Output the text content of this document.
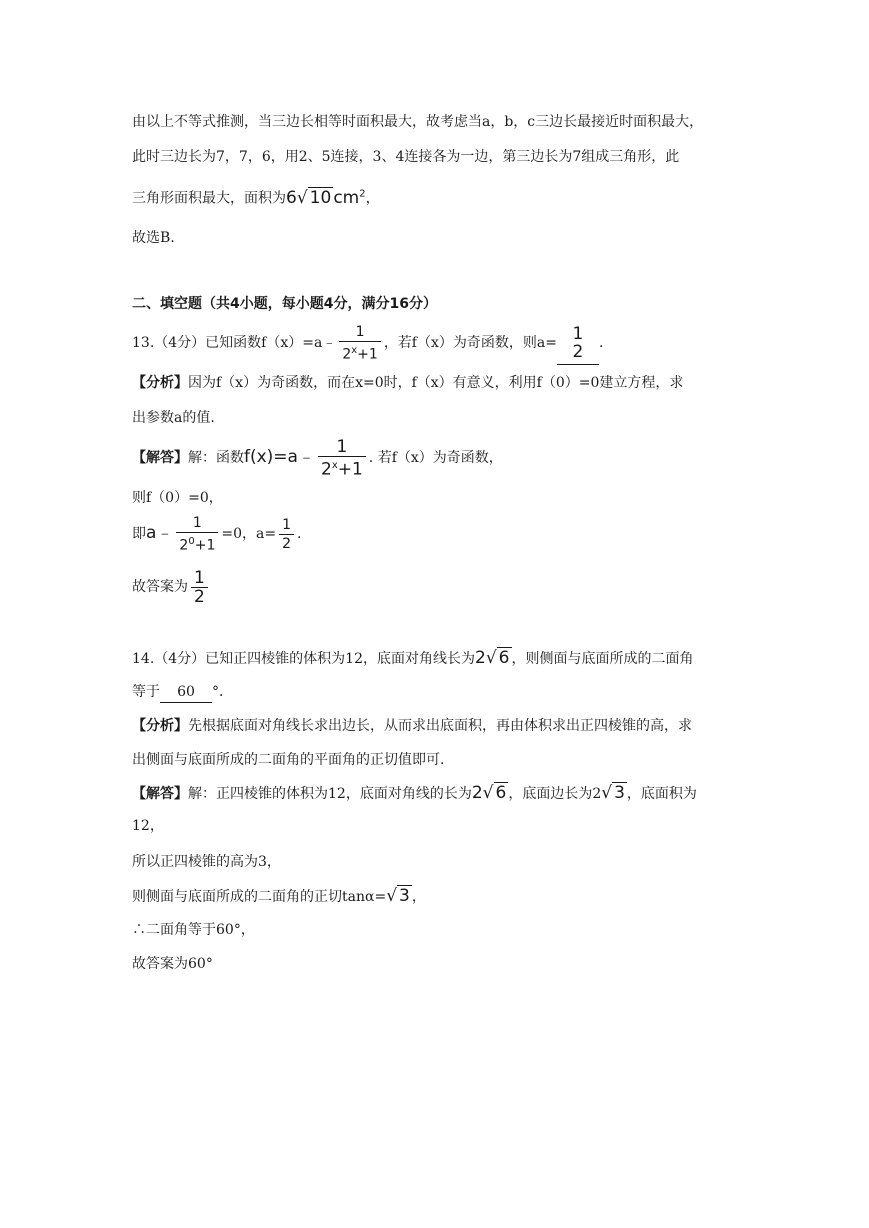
由以上不等式推测，当三边长相等时面积最大，故考虑当a，b，c三边长最接近时面积最大，
此时三边长为7，7，6，用2、5连接，3、4连接各为一边，第三边长为7组成三角形，此
三角形面积最大，面积为6√ 10 $cm^2$，
故选B.
二、填空题（共4小题，每小题4分，满分16分）
13.（4分）已知函数f（x）=a﹣ $\frac{1}{2^x+1}$ ，若f（x）为奇函数，则a= 1
2 .
【分析】因为f（x）为奇函数，而在x=0时，f（x）有意义，利用f（0）=0建立方程，求
出参数a的值.
【解答】解：函数f(x)=a﹣ $\frac{1}{2^x+1}$ . 若f（x）为奇函数，
则f（0）=0，
即a﹣ $\frac{1}{2^0+1} =0$，$a= \frac{1}{2}$ .
故答案为 $\frac{1}{2}$
14.（4分）已知正四棱锥的体积为12，底面对角线长为2√ 6 ，则侧面与底面所成的二面角
等于 60 °．
【分析】先根据底面对角线长求出边长，从而求出底面积，再由体积求出正四棱锥的高，求
出侧面与底面所成的二面角的平面角的正切值即可.
【解答】解：正四棱锥的体积为12，底面对角线的长为2√ 6 ，底面边长为2√ 3 ，底面积为
12，
所以正四棱锥的高为3，
则侧面与底面所成的二面角的正切tanα=√ 3 ，
∴二面角等于60°，
故答案为60°
